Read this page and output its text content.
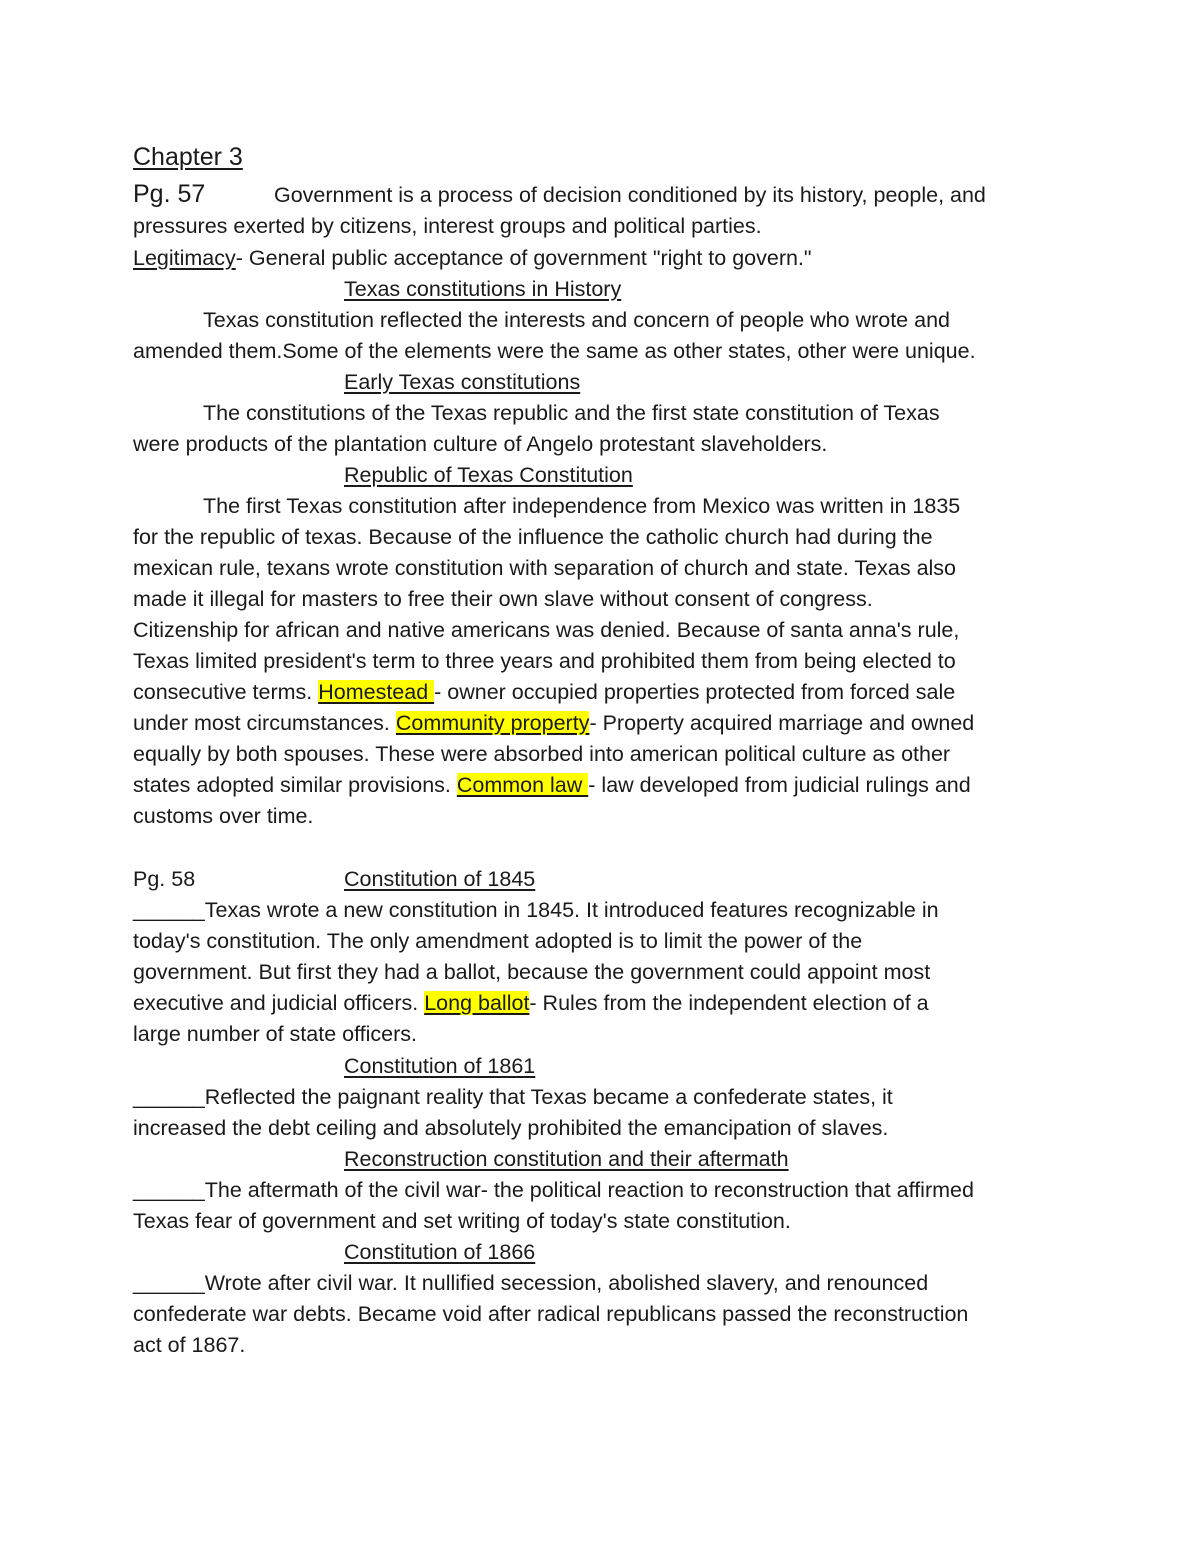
Chapter 3
Pg. 57	Government is a process of decision conditioned by its history, people, and
pressures exerted by citizens, interest groups and political parties.
Legitimacy- General public acceptance of government "right to govern."
Texas constitutions in History
Texas constitution reflected the interests and concern of people who wrote and
amended them.Some of the elements were the same as other states, other were unique.
Early Texas constitutions
The constitutions of the Texas republic and the first state constitution of Texas
were products of the plantation culture of Angelo protestant slaveholders.
Republic of Texas Constitution
The first Texas constitution after independence from Mexico was written in 1835
for the republic of texas. Because of the influence the catholic church had during the
mexican rule, texans wrote constitution with separation of church and state. Texas also
made it illegal for masters to free their own slave without consent of congress.
Citizenship for african and native americans was denied. Because of santa anna's rule,
Texas limited president's term to three years and prohibited them from being elected to
consecutive terms. Homestead - owner occupied properties protected from forced sale
under most circumstances. Community property- Property acquired marriage and owned
equally by both spouses. These were absorbed into american political culture as other
states adopted similar provisions. Common law - law developed from judicial rulings and
customs over time.
Pg. 58	Constitution of 1845
______Texas wrote a new constitution in 1845. It introduced features recognizable in
today's constitution. The only amendment adopted is to limit the power of the
government. But first they had a ballot, because the government could appoint most
executive and judicial officers. Long ballot- Rules from the independent election of a
large number of state officers.
Constitution of 1861
______Reflected the paignant reality that Texas became a confederate states, it
increased the debt ceiling and absolutely prohibited the emancipation of slaves.
Reconstruction constitution and their aftermath
______The aftermath of the civil war- the political reaction to reconstruction that affirmed
Texas fear of government and set writing of today's state constitution.
Constitution of 1866
______Wrote after civil war. It nullified secession, abolished slavery, and renounced
confederate war debts. Became void after radical republicans passed the reconstruction
act of 1867.
